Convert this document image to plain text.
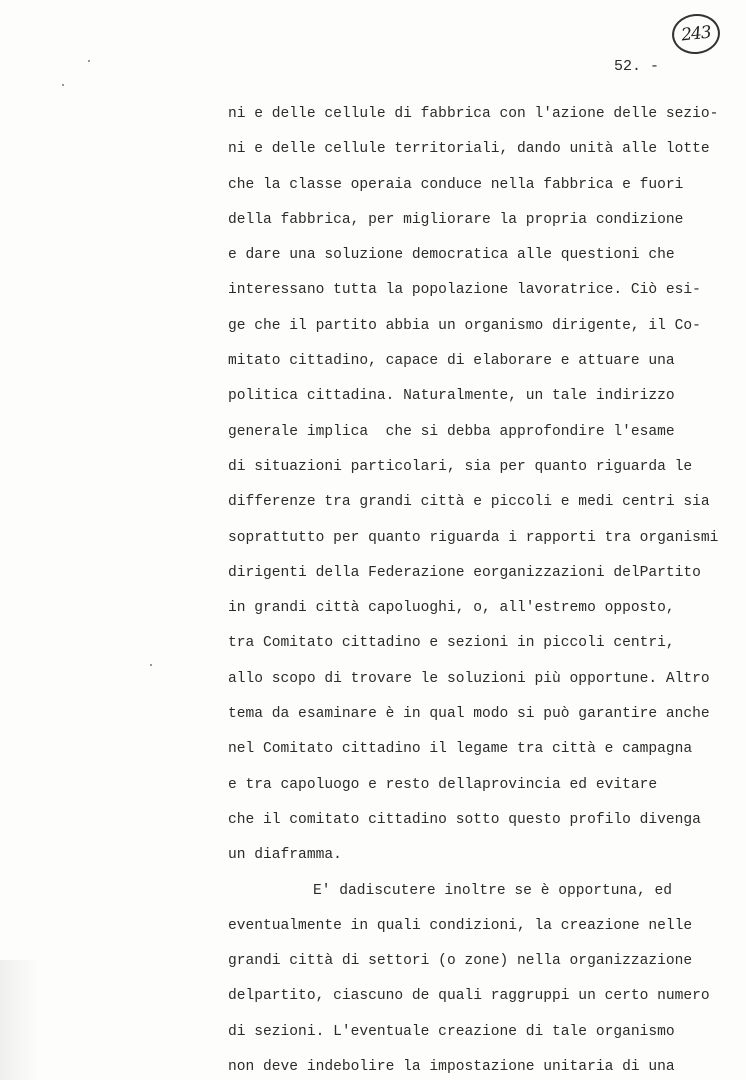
243
52. -
ni e delle cellule di fabbrica con l'azione delle sezio-
ni e delle cellule territoriali, dando unità alle lotte
che la classe operaia conduce nella fabbrica e fuori
della fabbrica, per migliorare la propria condizione
e dare una soluzione democratica alle questioni che
interessano tutta la popolazione lavoratrice. Ciò esi-
ge che il partito abbia un organismo dirigente, il Co-
mitato cittadino, capace di elaborare e attuare una
politica cittadina. Naturalmente, un tale indirizzo
generale implica  che si debba approfondire l'esame
di situazioni particolari, sia per quanto riguarda le
differenze tra grandi città e piccoli e medi centri sia
soprattutto per quanto riguarda i rapporti tra organismi
dirigenti della Federazione eorganizzazioni delPartito
in grandi città capoluoghi, o, all'estremo opposto,
tra Comitato cittadino e sezioni in piccoli centri,
allo scopo di trovare le soluzioni più opportune. Altro
tema da esaminare è in qual modo si può garantire anche
nel Comitato cittadino il legame tra città e campagna
e tra capoluogo e resto dellaprovincia ed evitare
che il comitato cittadino sotto questo profilo divenga
un diaframma.
E' dadiscutere inoltre se è opportuna, ed
eventualmente in quali condizioni, la creazione nelle
grandi città di settori (o zone) nella organizzazione
delpartito, ciascuno de quali raggruppi un certo numero
di sezioni. L'eventuale creazione di tale organismo
non deve indebolire la impostazione unitaria di una
